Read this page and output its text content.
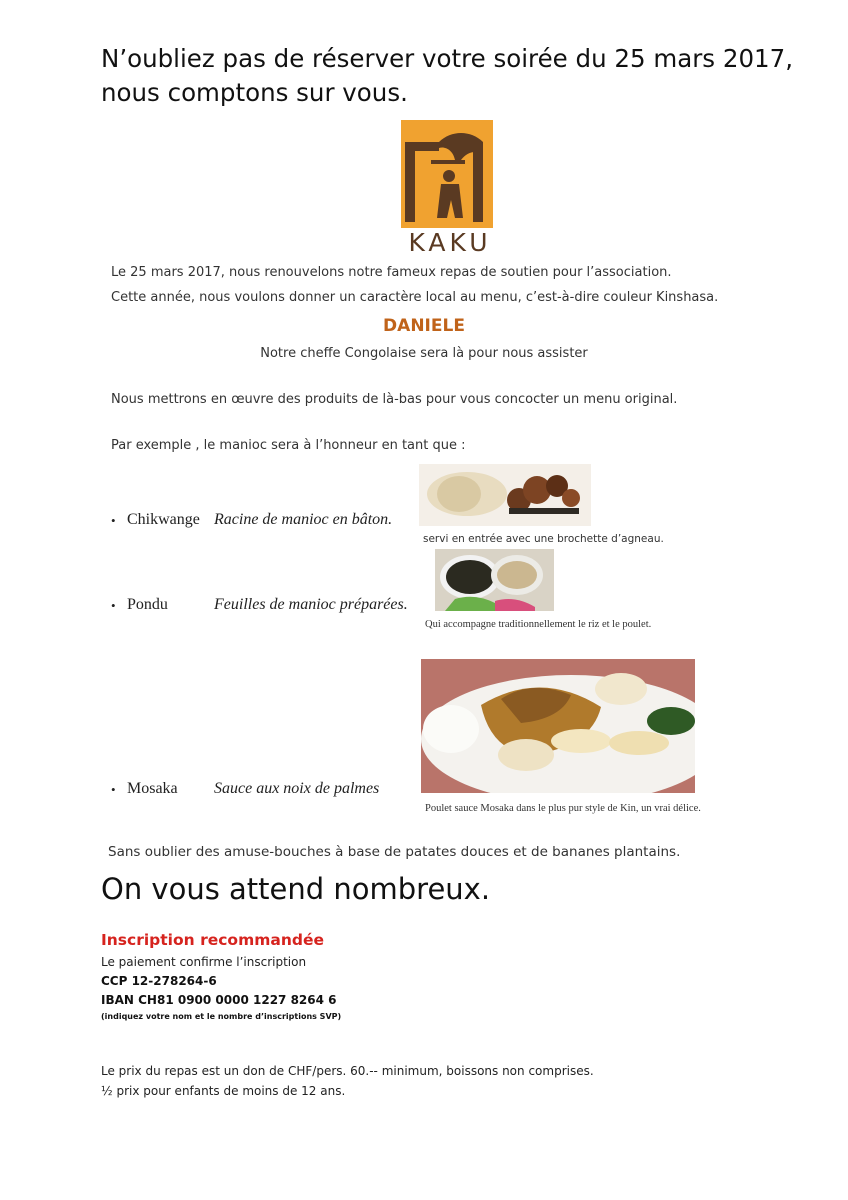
N’oubliez pas de réserver votre soirée du 25 mars 2017,
nous comptons sur vous.
KAKU
Le 25 mars 2017, nous renouvelons notre fameux repas de soutien pour l’association.
Cette année, nous voulons donner un caractère local au menu, c’est-à-dire couleur Kinshasa.
DANIELE
Notre cheffe Congolaise sera là pour nous assister
Nous mettrons en œuvre des produits de là-bas pour vous concocter un menu original.
Par exemple , le manioc sera à l’honneur en tant que :
• Chikwange Racine de manioc en bâton.
servi en entrée avec une brochette d’agneau.
• Pondu	Feuilles de manioc préparées.
Qui accompagne traditionnellement le riz et le poulet.
• Mosaka Sauce aux noix de palmes
Poulet sauce Mosaka dans le plus pur style de Kin, un vrai délice.
Sans oublier des amuse-bouches à base de patates douces et de bananes plantains.
On vous attend nombreux.
Inscription recommandée
Le paiement confirme l’inscription
CCP 12-278264-6
IBAN CH81 0900 0000 1227 8264 6
(indiquez votre nom et le nombre d’inscriptions SVP)
Le prix du repas est un don de CHF/pers. 60.-- minimum, boissons non comprises.
½ prix pour enfants de moins de 12 ans.
